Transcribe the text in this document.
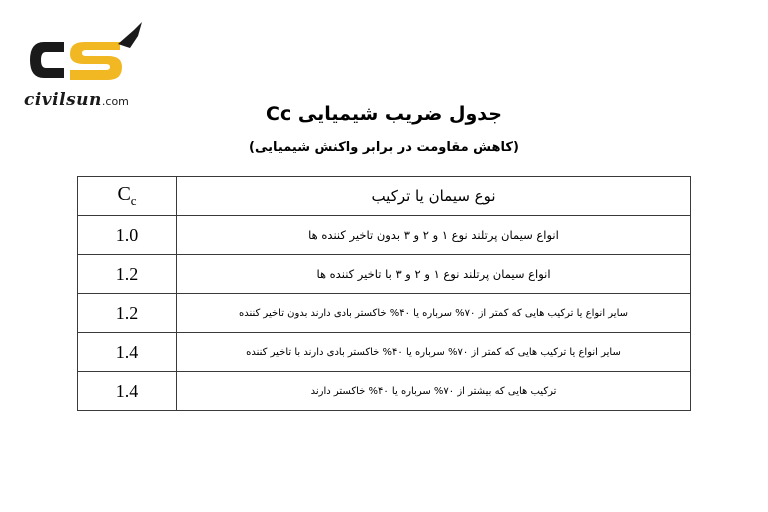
civilsun.com
جدول ضریب شیمیایی Cc
(کاهش مقاومت در برابر واکنش شیمیایی)
$C_c$	نوع سیمان یا ترکیب
1.0	انواع سیمان پرتلند نوع ۱ و ۲ و ۳ بدون تاخیر کننده ها
1.2	انواع سیمان پرتلند نوع ۱ و ۲ و ۳ با تاخیر کننده ها
1.2	سایر انواع یا ترکیب هایی که کمتر از ۷۰% سرباره یا ۴۰% خاکستر بادی دارند بدون تاخیر کننده
1.4	سایر انواع یا ترکیب هایی که کمتر از ۷۰% سرباره یا ۴۰% خاکستر بادی دارند با تاخیر کننده
1.4	ترکیب هایی که بیشتر از ۷۰% سرباره یا ۴۰% خاکستر دارند
